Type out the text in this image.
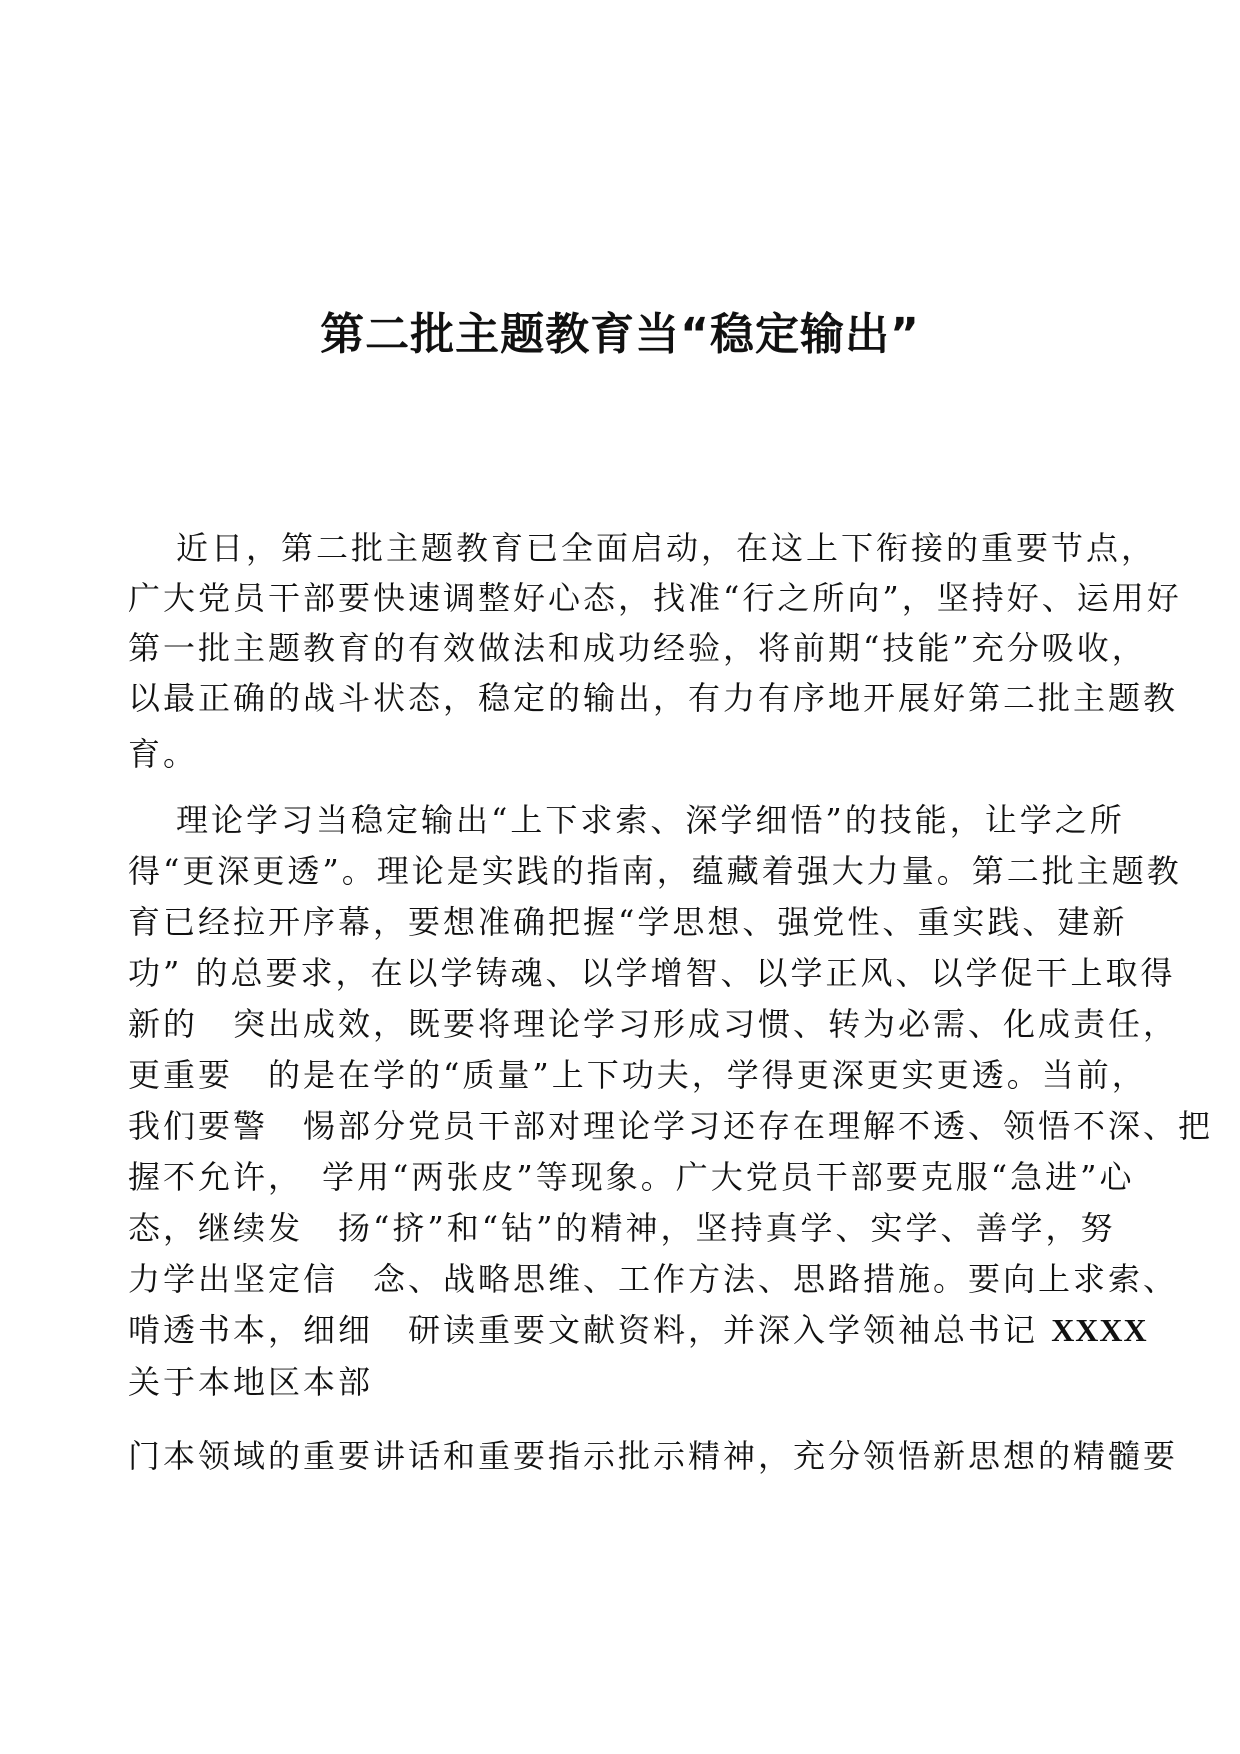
第二批主题教育当“稳定输出”

近日，第二批主题教育已全面启动，在这上下衔接的重要节点，

广大党员干部要快速调整好心态，找准“行之所向”，坚持好、运用好

第一批主题教育的有效做法和成功经验，将前期“技能”充分吸收，

以最正确的战斗状态，稳定的输出，有力有序地开展好第二批主题教

育。

理论学习当稳定输出“上下求索、深学细悟”的技能，让学之所

得“更深更透”。理论是实践的指南，蕴藏着强大力量。第二批主题教

育已经拉开序幕，要想准确把握“学思想、强党性、重实践、建新

功” 的总要求，在以学铸魂、以学增智、以学正风、以学促干上取得

新的　突出成效，既要将理论学习形成习惯、转为必需、化成责任，

更重要　的是在学的“质量”上下功夫，学得更深更实更透。当前，

我们要警　惕部分党员干部对理论学习还存在理解不透、领悟不深、把

握不允许，　学用“两张皮”等现象。广大党员干部要克服“急进”心

态，继续发　扬“挤”和“钻”的精神，坚持真学、实学、善学，努

力学出坚定信　念、战略思维、工作方法、思路措施。要向上求索、

啃透书本，细细　研读重要文献资料，并深入学领袖总书记 XXXX

关于本地区本部

门本领域的重要讲话和重要指示批示精神，充分领悟新思想的精髓要
